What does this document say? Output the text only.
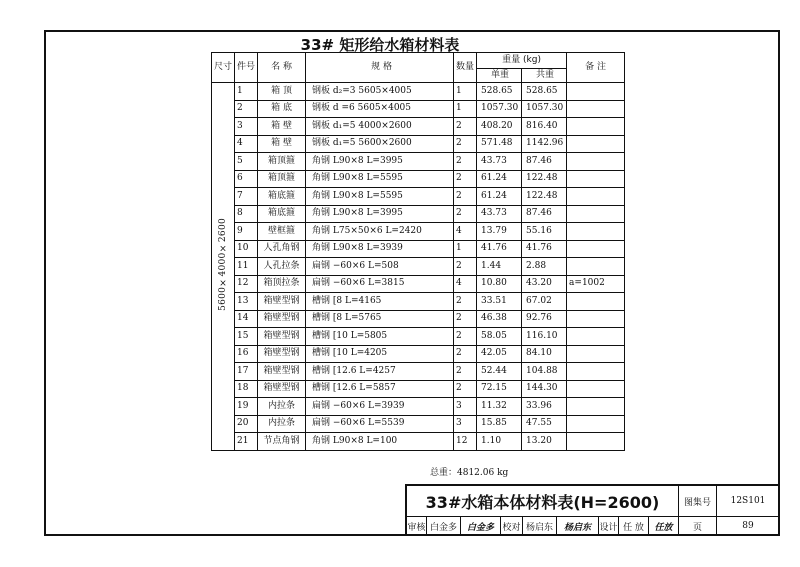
33# 矩形给水箱材料表
尺寸	件号	名 称	规 格	数量	重量 (kg)		备 注
					单重	共重	
5600×4000×2600	1	箱 顶	钢板 d₂=3 5605×4005	1	528.65	528.65	
	2	箱 底	钢板 d =6 5605×4005	1	1057.30	1057.30	
	3	箱 壁	钢板 d₁=5 4000×2600	2	408.20	816.40	
	4	箱 壁	钢板 d₁=5 5600×2600	2	571.48	1142.96	
	5	箱顶箍	角钢 L90×8 L=3995	2	43.73	87.46	
	6	箱顶箍	角钢 L90×8 L=5595	2	61.24	122.48	
	7	箱底箍	角钢 L90×8 L=5595	2	61.24	122.48	
	8	箱底箍	角钢 L90×8 L=3995	2	43.73	87.46	
	9	壁框箍	角钢 L75×50×6 L=2420	4	13.79	55.16	
	10	人孔角钢	角钢 L90×8 L=3939	1	41.76	41.76	
	11	人孔拉条	扁钢 −60×6 L=508	2	1.44	2.88	
	12	箱顶拉条	扁钢 −60×6 L=3815	4	10.80	43.20	a=1002
	13	箱壁型钢	槽钢 [8 L=4165	2	33.51	67.02	
	14	箱壁型钢	槽钢 [8 L=5765	2	46.38	92.76	
	15	箱壁型钢	槽钢 [10 L=5805	2	58.05	116.10	
	16	箱壁型钢	槽钢 [10 L=4205	2	42.05	84.10	
	17	箱壁型钢	槽钢 [12.6 L=4257	2	52.44	104.88	
	18	箱壁型钢	槽钢 [12.6 L=5857	2	72.15	144.30	
	19	内拉条	扁钢 −60×6 L=3939	3	11.32	33.96	
	20	内拉条	扁钢 −60×6 L=5539	3	15.85	47.55	
	21	节点角钢	角钢 L90×8 L=100	12	1.10	13.20	
总重：4812.06 kg
33#水箱本体材料表(H=2600)	图集号	12S101
审核 白金多	白金多 校对 杨启东	杨启东 设计 任 放	任放	页	89
